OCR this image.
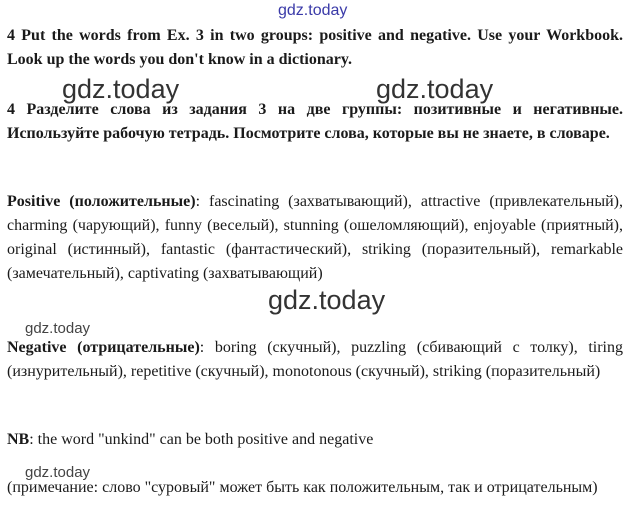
gdz.today

4 Put the words from Ex. 3 in two groups: positive and negative. Use your Workbook. Look up the words you don't know in a dictionary.

gdz.today	gdz.today

4 Разделите слова из задания 3 на две группы: позитивные и негативные. Используйте рабочую тетрадь. Посмотрите слова, которые вы не знаете, в словаре.

Positive (положительные): fascinating (захватывающий), attractive (привлекательный), charming (чарующий), funny (веселый), stunning (ошеломляющий), enjoyable (приятный), original (истинный), fantastic (фантастический), striking (поразительный), remarkable (замечательный), captivating (захватывающий)

gdz.today
gdz.today

Negative (отрицательные): boring (скучный), puzzling (сбивающий с толку), tiring (изнурительный), repetitive (скучный), monotonous (скучный), striking (поразительный)

NB: the word "unkind" can be both positive and negative

gdz.today

(примечание: слово "суровый" может быть как положительным, так и отрицательным)
